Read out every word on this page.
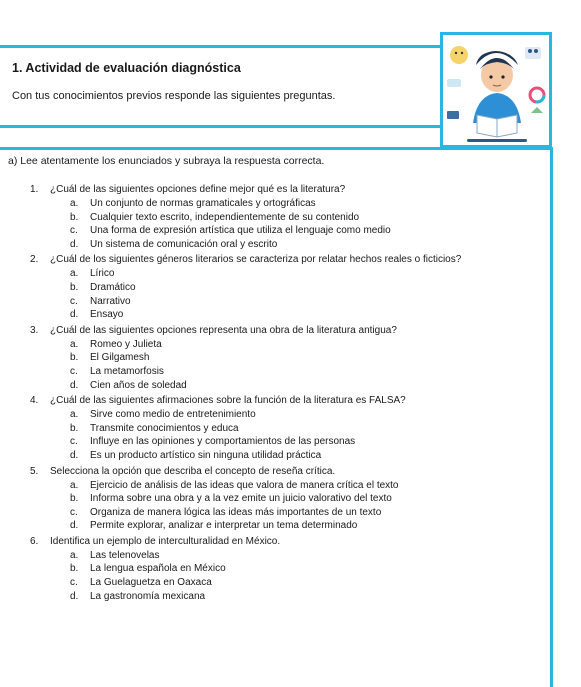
1. Actividad de evaluación diagnóstica

Con tus conocimientos previos responde las siguientes preguntas.

a) Lee atentamente los enunciados y subraya la respuesta correcta.

1.	¿Cuál de las siguientes opciones define mejor qué es la literatura?
a.	Un conjunto de normas gramaticales y ortográficas
b.	Cualquier texto escrito, independientemente de su contenido
c.	Una forma de expresión artística que utiliza el lenguaje como medio
d.	Un sistema de comunicación oral y escrito
2.	¿Cuál de los siguientes géneros literarios se caracteriza por relatar hechos reales o ficticios?
a.	Lírico
b.	Dramático
c.	Narrativo
d.	Ensayo
3.	¿Cuál de las siguientes opciones representa una obra de la literatura antigua?
a.	Romeo y Julieta
b.	El Gilgamesh
c.	La metamorfosis
d.	Cien años de soledad
4.	¿Cuál de las siguientes afirmaciones sobre la función de la literatura es FALSA?
a.	Sirve como medio de entretenimiento
b.	Transmite conocimientos y educa
c.	Influye en las opiniones y comportamientos de las personas
d.	Es un producto artístico sin ninguna utilidad práctica
5.	Selecciona la opción que describa el concepto de reseña crítica.
a.	Ejercicio de análisis de las ideas que valora de manera crítica el texto
b.	Informa sobre una obra y a la vez emite un juicio valorativo del texto
c.	Organiza de manera lógica las ideas más importantes de un texto
d.	Permite explorar, analizar e interpretar un tema determinado
6.	Identifica un ejemplo de interculturalidad en México.
a.	Las telenovelas
b.	La lengua española en México
c.	La Guelaguetza en Oaxaca
d.	La gastronomía mexicana
